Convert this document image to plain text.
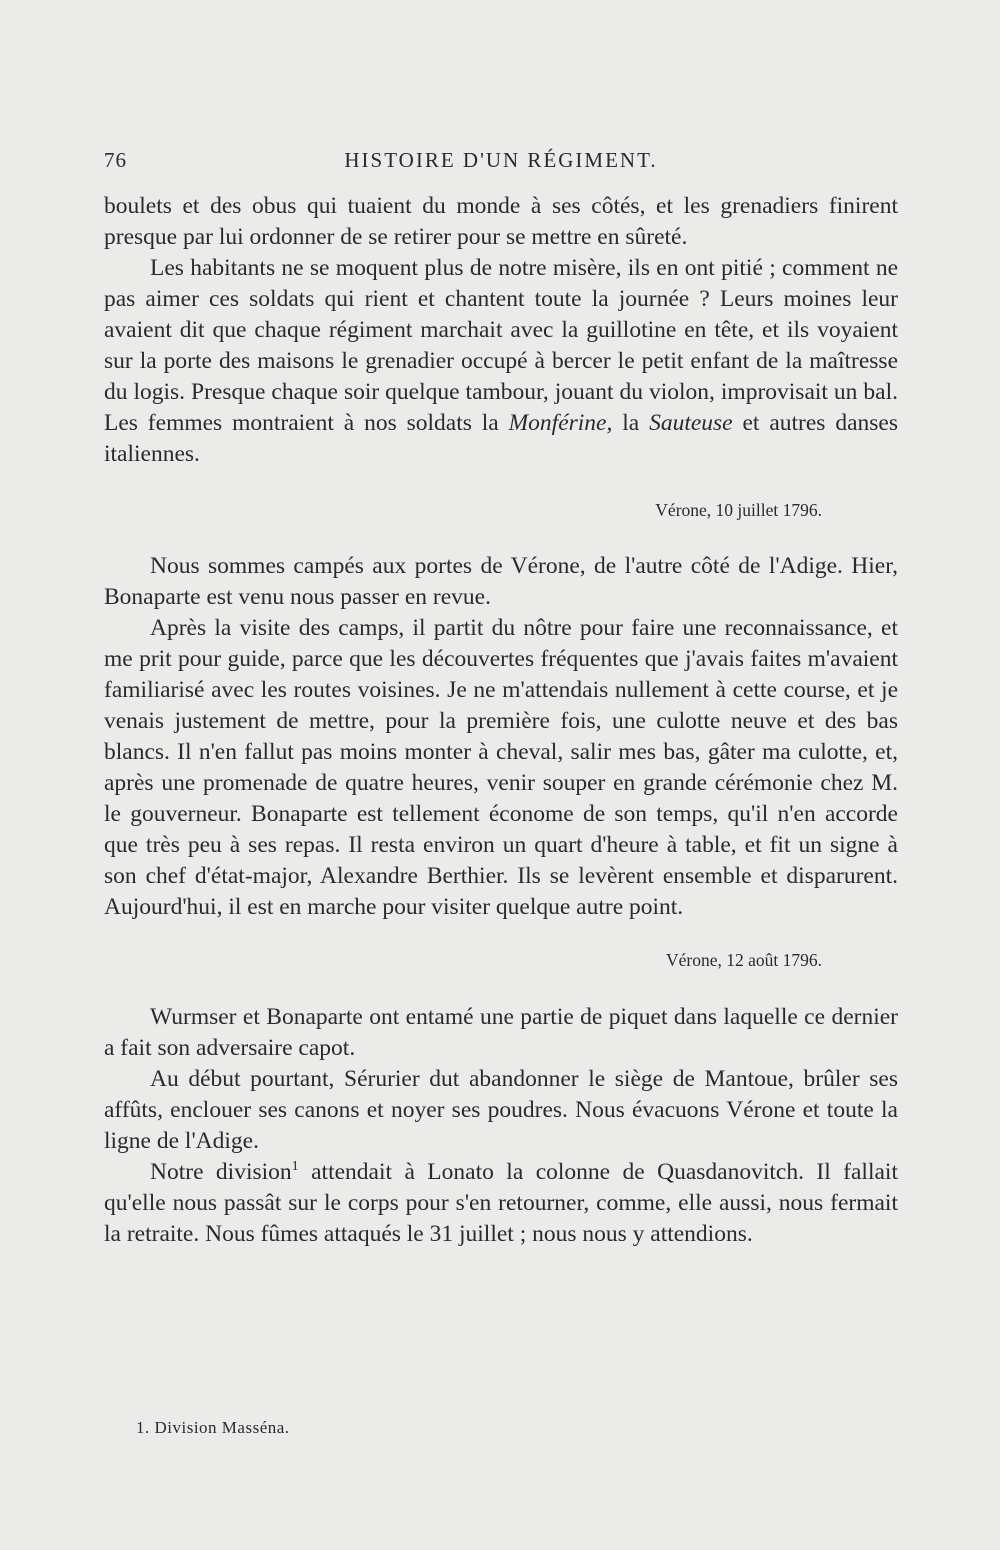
76	HISTOIRE D'UN RÉGIMENT.

boulets et des obus qui tuaient du monde à ses côtés, et les grenadiers finirent presque par lui ordonner de se retirer pour se mettre en sûreté.

Les habitants ne se moquent plus de notre misère, ils en ont pitié ; comment ne pas aimer ces soldats qui rient et chantent toute la journée ? Leurs moines leur avaient dit que chaque régiment marchait avec la guillotine en tête, et ils voyaient sur la porte des maisons le grenadier occupé à bercer le petit enfant de la maîtresse du logis. Presque chaque soir quelque tambour, jouant du violon, improvisait un bal. Les femmes montraient à nos soldats la Monférine, la Sauteuse et autres danses italiennes.

Vérone, 10 juillet 1796.

Nous sommes campés aux portes de Vérone, de l'autre côté de l'Adige. Hier, Bonaparte est venu nous passer en revue.

Après la visite des camps, il partit du nôtre pour faire une reconnaissance, et me prit pour guide, parce que les découvertes fréquentes que j'avais faites m'avaient familiarisé avec les routes voisines. Je ne m'attendais nullement à cette course, et je venais justement de mettre, pour la première fois, une culotte neuve et des bas blancs. Il n'en fallut pas moins monter à cheval, salir mes bas, gâter ma culotte, et, après une promenade de quatre heures, venir souper en grande cérémonie chez M. le gouverneur. Bonaparte est tellement économe de son temps, qu'il n'en accorde que très peu à ses repas. Il resta environ un quart d'heure à table, et fit un signe à son chef d'état-major, Alexandre Berthier. Ils se levèrent ensemble et disparurent. Aujourd'hui, il est en marche pour visiter quelque autre point.

Vérone, 12 août 1796.

Wurmser et Bonaparte ont entamé une partie de piquet dans laquelle ce dernier a fait son adversaire capot.

Au début pourtant, Sérurier dut abandonner le siège de Mantoue, brûler ses affûts, enclouer ses canons et noyer ses poudres. Nous évacuons Vérone et toute la ligne de l'Adige.

Notre division$^1$ attendait à Lonato la colonne de Quasdanovitch. Il fallait qu'elle nous passât sur le corps pour s'en retourner, comme, elle aussi, nous fermait la retraite. Nous fûmes attaqués le 31 juillet ; nous nous y attendions.

1. Division Masséna.
